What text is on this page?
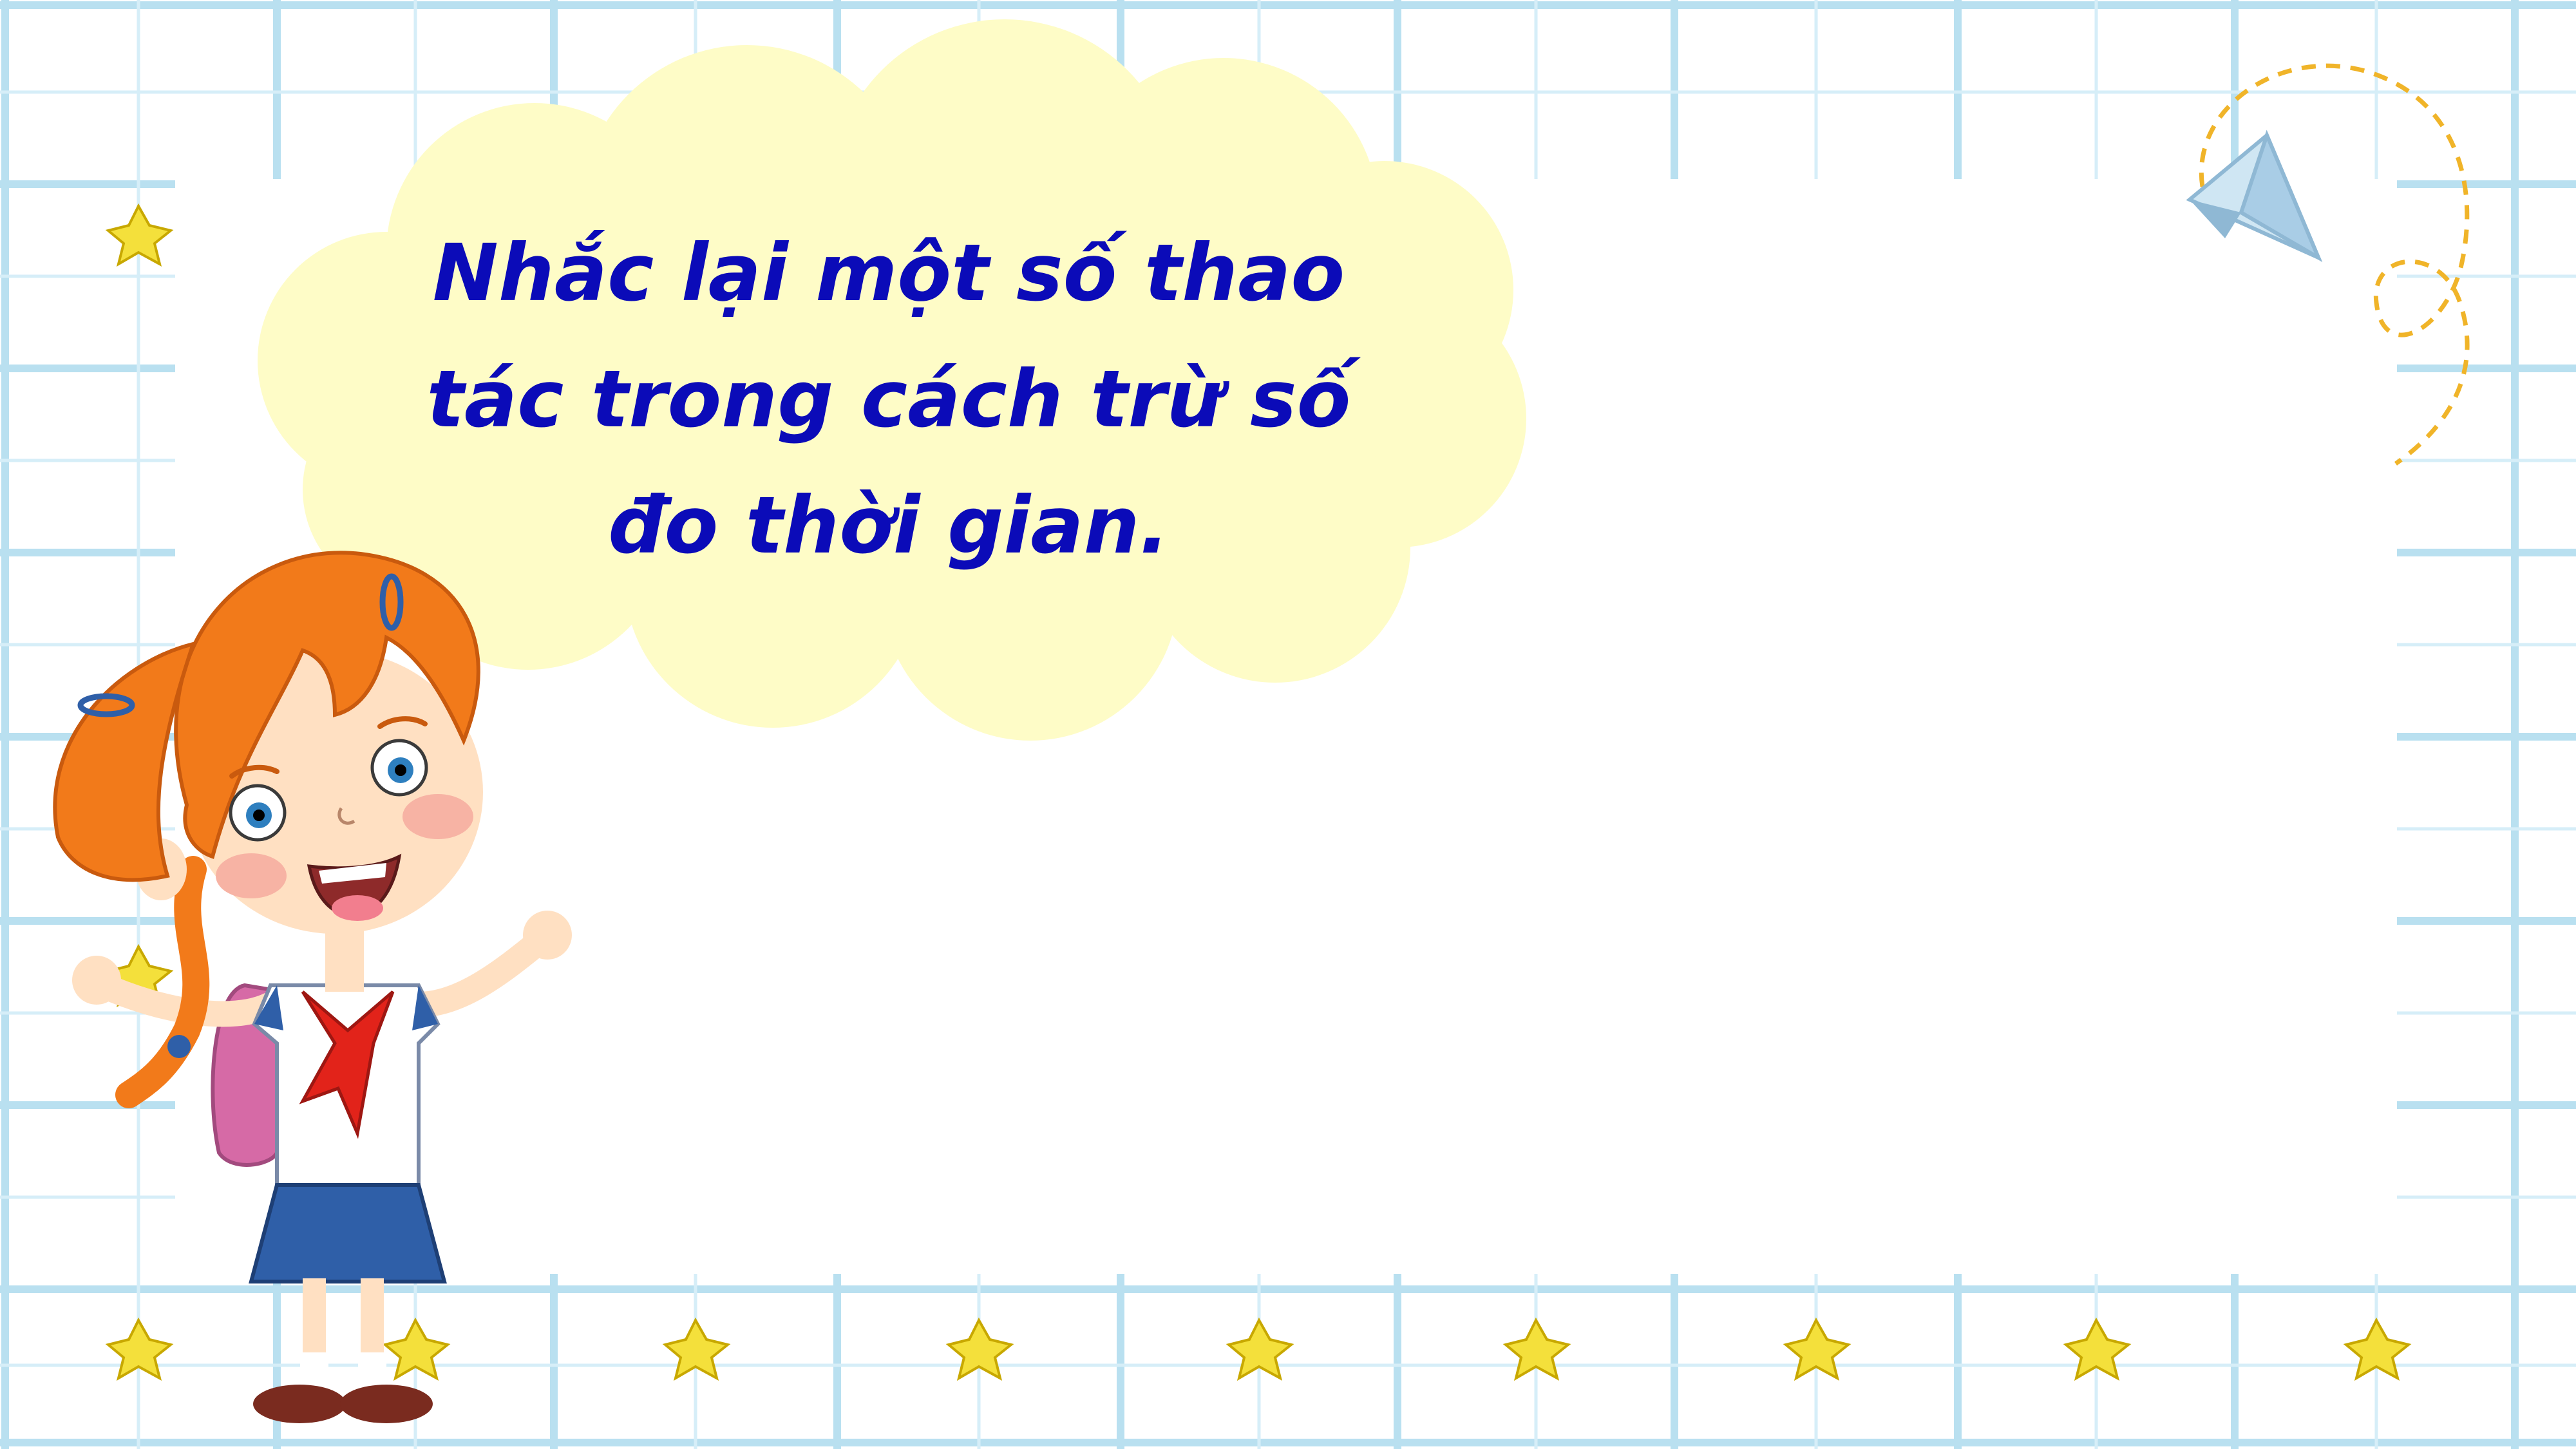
Nhắc lại một số thao tác trong cách trừ số đo thời gian.
